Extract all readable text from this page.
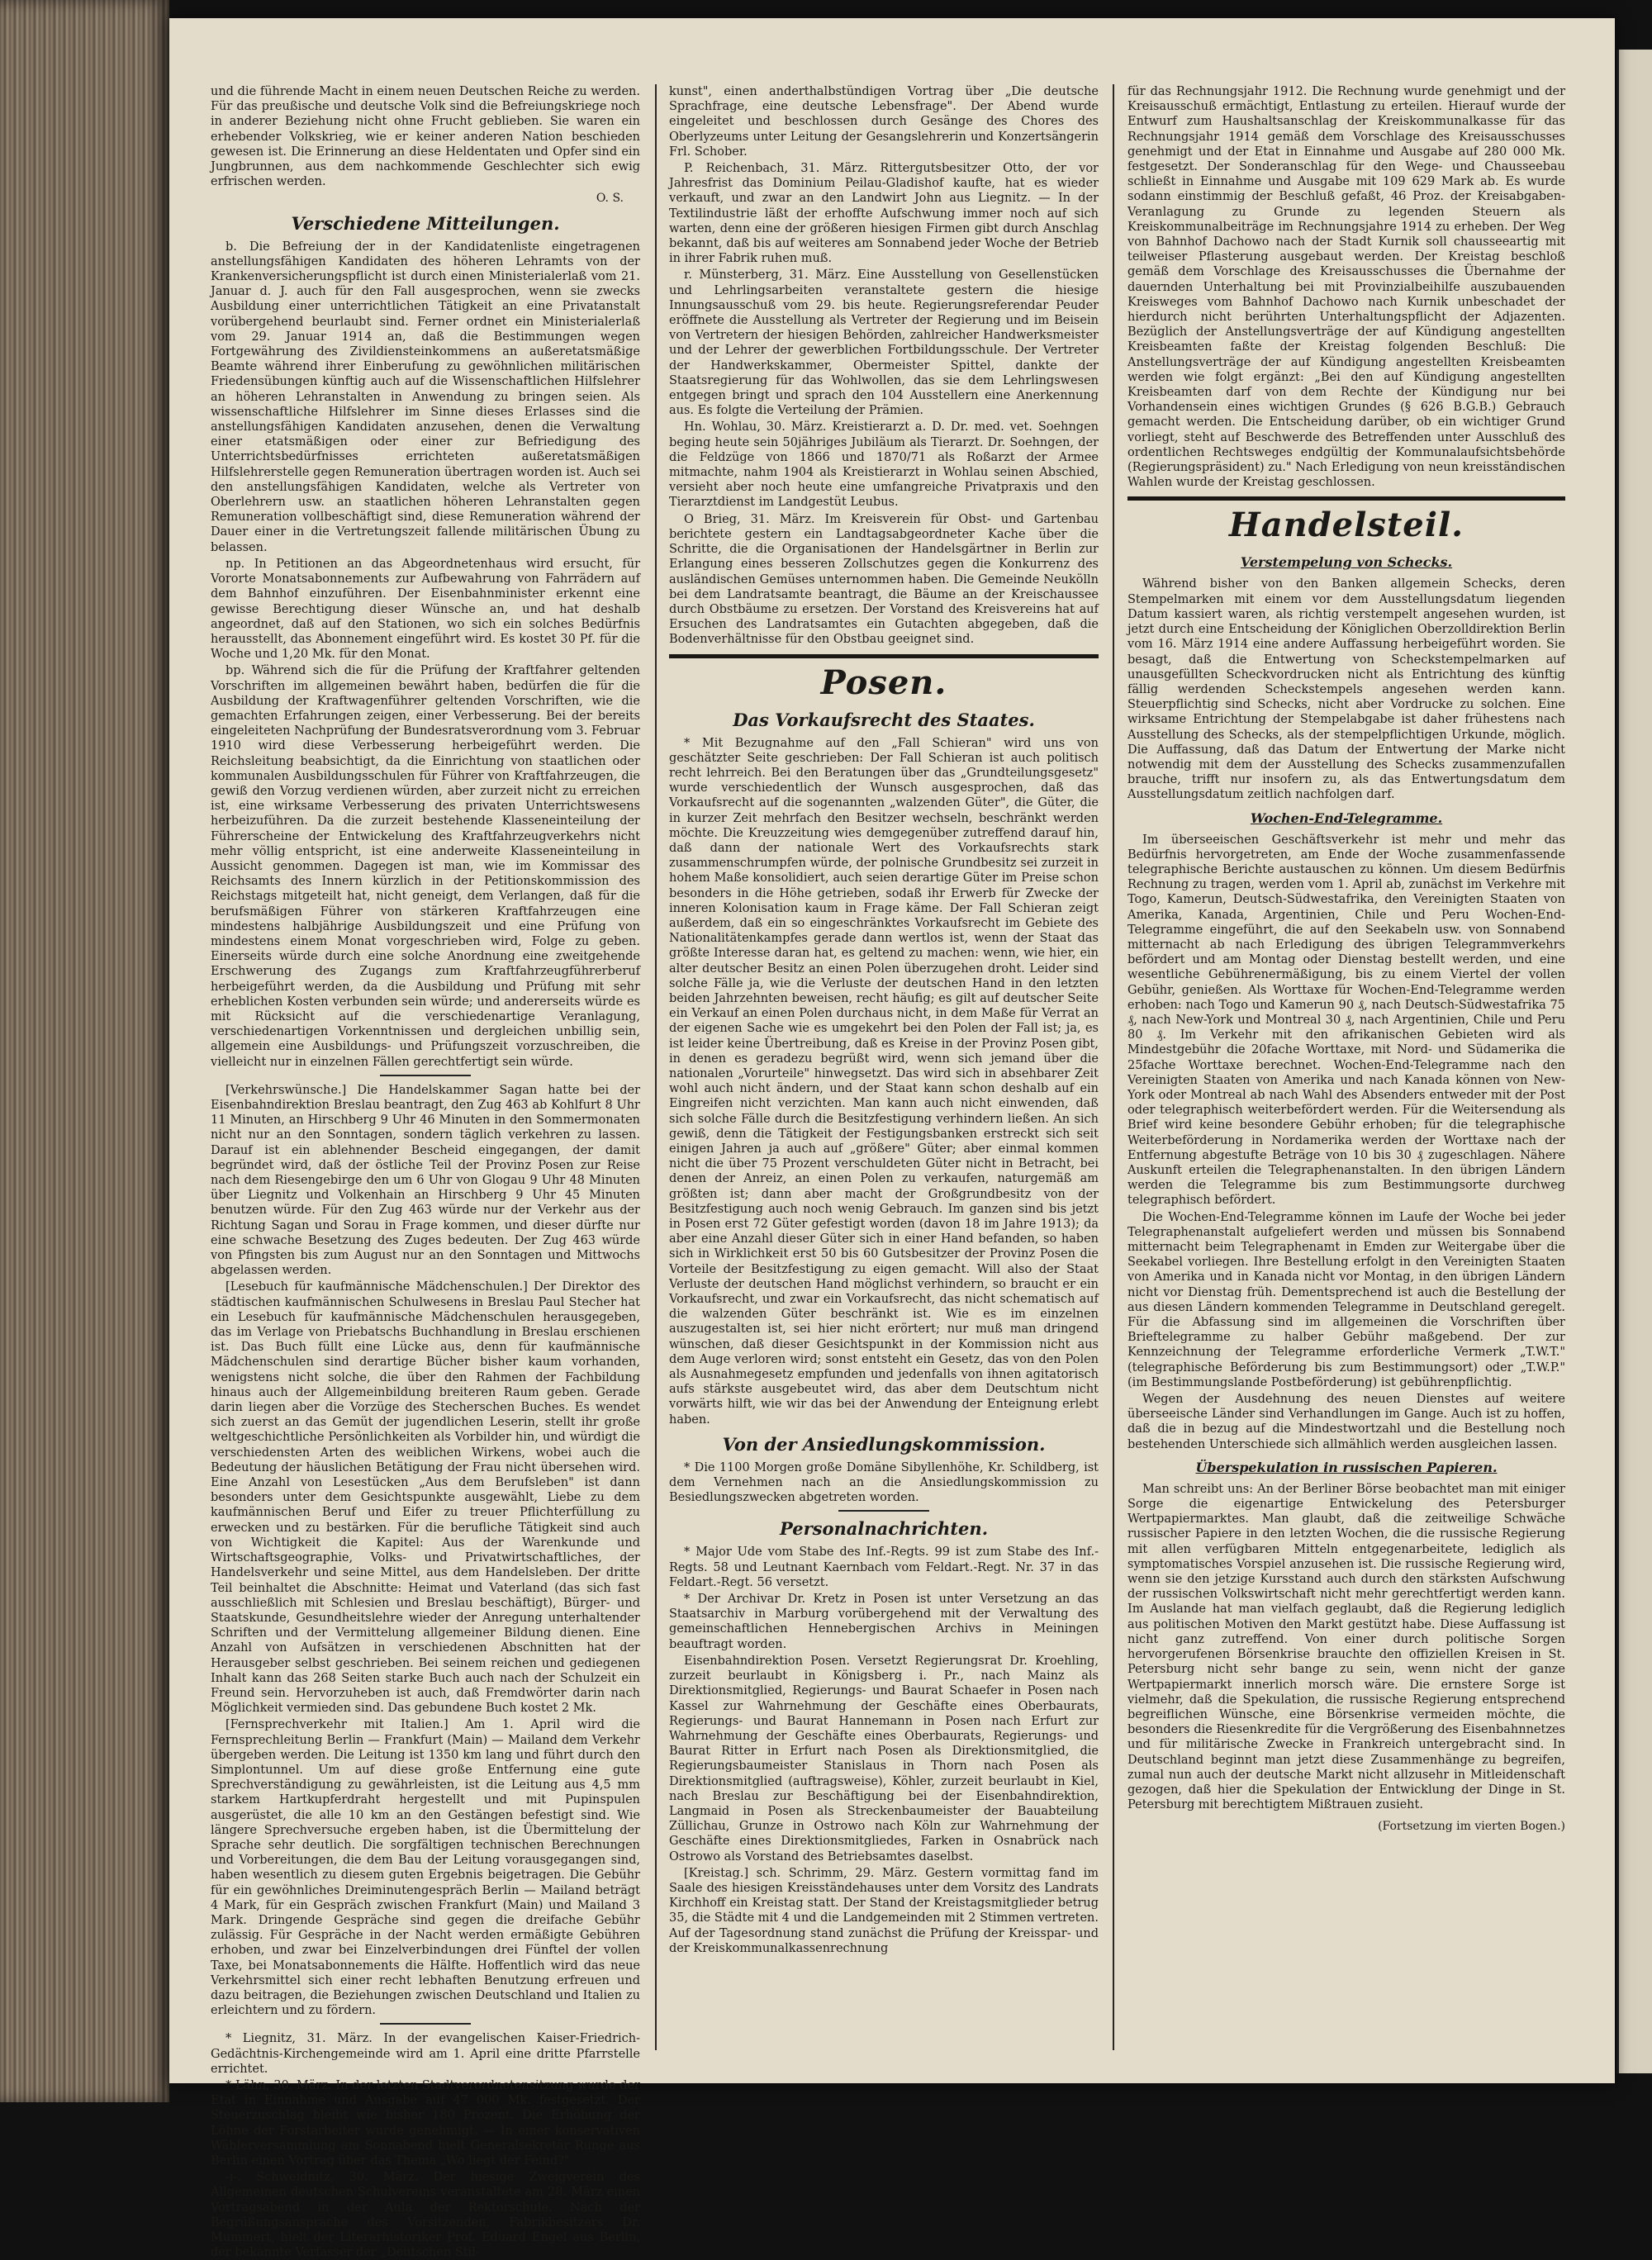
und die führende Macht in einem neuen Deutschen Reiche zu werden. Für das preußische und deutsche Volk sind die Befreiungskriege noch in anderer Beziehung nicht ohne Frucht geblieben. Sie waren ein erhebender Volkskrieg, wie er keiner anderen Nation beschieden gewesen ist. Die Erinnerung an diese Heldentaten und Opfer sind ein Jungbrunnen, aus dem nachkommende Geschlechter sich ewig erfrischen werden.

O. S.
Verschiedene Mitteilungen.

b. Die Befreiung der in der Kandidatenliste eingetragenen anstellungsfähigen Kandidaten des höheren Lehramts von der Krankenversicherungspflicht ist durch einen Ministerialerlaß vom 21. Januar d. J. auch für den Fall ausgesprochen, wenn sie zwecks Ausbildung einer unterrichtlichen Tätigkeit an eine Privatanstalt vorübergehend beurlaubt sind. Ferner ordnet ein Ministerialerlaß vom 29. Januar 1914 an, daß die Bestimmungen wegen Fortgewährung des Zivildiensteinkommens an außeretatsmäßige Beamte während ihrer Einberufung zu gewöhnlichen militärischen Friedensübungen künftig auch auf die Wissenschaftlichen Hilfslehrer an höheren Lehranstalten in Anwendung zu bringen seien. Als wissenschaftliche Hilfslehrer im Sinne dieses Erlasses sind die anstellungsfähigen Kandidaten anzusehen, denen die Verwaltung einer etatsmäßigen oder einer zur Befriedigung des Unterrichtsbedürfnisses errichteten außeretatsmäßigen Hilfslehrerstelle gegen Remuneration übertragen worden ist. Auch sei den anstellungsfähigen Kandidaten, welche als Vertreter von Oberlehrern usw. an staatlichen höheren Lehranstalten gegen Remuneration vollbeschäftigt sind, diese Remuneration während der Dauer einer in die Vertretungszeit fallende militärischen Übung zu belassen.

np. In Petitionen an das Abgeordnetenhaus wird ersucht, für Vororte Monatsabonnements zur Aufbewahrung von Fahrrädern auf dem Bahnhof einzuführen. Der Eisenbahnminister erkennt eine gewisse Berechtigung dieser Wünsche an, und hat deshalb angeordnet, daß auf den Stationen, wo sich ein solches Bedürfnis herausstellt, das Abonnement eingeführt wird. Es kostet 30 Pf. für die Woche und 1,20 Mk. für den Monat.

bp. Während sich die für die Prüfung der Kraftfahrer geltenden Vorschriften im allgemeinen bewährt haben, bedürfen die für die Ausbildung der Kraftwagenführer geltenden Vorschriften, wie die gemachten Erfahrungen zeigen, einer Verbesserung. Bei der bereits eingeleiteten Nachprüfung der Bundesratsverordnung vom 3. Februar 1910 wird diese Verbesserung herbeigeführt werden. Die Reichsleitung beabsichtigt, da die Einrichtung von staatlichen oder kommunalen Ausbildungsschulen für Führer von Kraftfahrzeugen, die gewiß den Vorzug verdienen würden, aber zurzeit nicht zu erreichen ist, eine wirksame Verbesserung des privaten Unterrichtswesens herbeizuführen. Da die zurzeit bestehende Klasseneinteilung der Führerscheine der Entwickelung des Kraftfahrzeugverkehrs nicht mehr völlig entspricht, ist eine anderweite Klasseneinteilung in Aussicht genommen. Dagegen ist man, wie im Kommissar des Reichsamts des Innern kürzlich in der Petitionskommission des Reichstags mitgeteilt hat, nicht geneigt, dem Verlangen, daß für die berufsmäßigen Führer von stärkeren Kraftfahrzeugen eine mindestens halbjährige Ausbildungszeit und eine Prüfung von mindestens einem Monat vorgeschrieben wird, Folge zu geben. Einerseits würde durch eine solche Anordnung eine zweitgehende Erschwerung des Zugangs zum Kraftfahrzeugführerberuf herbeigeführt werden, da die Ausbildung und Prüfung mit sehr erheblichen Kosten verbunden sein würde; und andererseits würde es mit Rücksicht auf die verschiedenartige Veranlagung, verschiedenartigen Vorkenntnissen und dergleichen unbillig sein, allgemein eine Ausbildungs- und Prüfungszeit vorzuschreiben, die vielleicht nur in einzelnen Fällen gerechtfertigt sein würde.

[Verkehrswünsche.] Die Handelskammer Sagan hatte bei der Eisenbahndirektion Breslau beantragt, den Zug 463 ab Kohlfurt 8 Uhr 11 Minuten, an Hirschberg 9 Uhr 46 Minuten in den Sommermonaten nicht nur an den Sonntagen, sondern täglich verkehren zu lassen. Darauf ist ein ablehnender Bescheid eingegangen, der damit begründet wird, daß der östliche Teil der Provinz Posen zur Reise nach dem Riesengebirge den um 6 Uhr von Glogau 9 Uhr 48 Minuten über Liegnitz und Volkenhain an Hirschberg 9 Uhr 45 Minuten benutzen würde. Für den Zug 463 würde nur der Verkehr aus der Richtung Sagan und Sorau in Frage kommen, und dieser dürfte nur eine schwache Besetzung des Zuges bedeuten. Der Zug 463 würde von Pfingsten bis zum August nur an den Sonntagen und Mittwochs abgelassen werden.

[Lesebuch für kaufmännische Mädchenschulen.] Der Direktor des städtischen kaufmännischen Schulwesens in Breslau Paul Stecher hat ein Lesebuch für kaufmännische Mädchenschulen herausgegeben, das im Verlage von Priebatschs Buchhandlung in Breslau erschienen ist. Das Buch füllt eine Lücke aus, denn für kaufmännische Mädchenschulen sind derartige Bücher bisher kaum vorhanden, wenigstens nicht solche, die über den Rahmen der Fachbildung hinaus auch der Allgemeinbildung breiteren Raum geben. Gerade darin liegen aber die Vorzüge des Stecherschen Buches. Es wendet sich zuerst an das Gemüt der jugendlichen Leserin, stellt ihr große weltgeschichtliche Persönlichkeiten als Vorbilder hin, und würdigt die verschiedensten Arten des weiblichen Wirkens, wobei auch die Bedeutung der häuslichen Betätigung der Frau nicht übersehen wird. Eine Anzahl von Lesestücken „Aus dem Berufsleben" ist dann besonders unter dem Gesichtspunkte ausgewählt, Liebe zu dem kaufmännischen Beruf und Eifer zu treuer Pflichterfüllung zu erwecken und zu bestärken. Für die berufliche Tätigkeit sind auch von Wichtigkeit die Kapitel: Aus der Warenkunde und Wirtschaftsgeographie, Volks- und Privatwirtschaftliches, der Handelsverkehr und seine Mittel, aus dem Handelsleben. Der dritte Teil beinhaltet die Abschnitte: Heimat und Vaterland (das sich fast ausschließlich mit Schlesien und Breslau beschäftigt), Bürger- und Staatskunde, Gesundheitslehre wieder der Anregung unterhaltender Schriften und der Vermittelung allgemeiner Bildung dienen. Eine Anzahl von Aufsätzen in verschiedenen Abschnitten hat der Herausgeber selbst geschrieben. Bei seinem reichen und gediegenen Inhalt kann das 268 Seiten starke Buch auch nach der Schulzeit ein Freund sein. Hervorzuheben ist auch, daß Fremdwörter darin nach Möglichkeit vermieden sind. Das gebundene Buch kostet 2 Mk.

[Fernsprechverkehr mit Italien.] Am 1. April wird die Fernsprechleitung Berlin — Frankfurt (Main) — Mailand dem Verkehr übergeben werden. Die Leitung ist 1350 km lang und führt durch den Simplontunnel. Um auf diese große Entfernung eine gute Sprechverständigung zu gewährleisten, ist die Leitung aus 4,5 mm starkem Hartkupferdraht hergestellt und mit Pupinspulen ausgerüstet, die alle 10 km an den Gestängen befestigt sind. Wie längere Sprechversuche ergeben haben, ist die Übermittelung der Sprache sehr deutlich. Die sorgfältigen technischen Berechnungen und Vorbereitungen, die dem Bau der Leitung vorausgegangen sind, haben wesentlich zu diesem guten Ergebnis beigetragen. Die Gebühr für ein gewöhnliches Dreiminutengespräch Berlin — Mailand beträgt 4 Mark, für ein Gespräch zwischen Frankfurt (Main) und Mailand 3 Mark. Dringende Gespräche sind gegen die dreifache Gebühr zulässig. Für Gespräche in der Nacht werden ermäßigte Gebühren erhoben, und zwar bei Einzelverbindungen drei Fünftel der vollen Taxe, bei Monatsabonnements die Hälfte. Hoffentlich wird das neue Verkehrsmittel sich einer recht lebhaften Benutzung erfreuen und dazu beitragen, die Beziehungen zwischen Deutschland und Italien zu erleichtern und zu fördern.

* Liegnitz, 31. März. In der evangelischen Kaiser-Friedrich-Gedächtnis-Kirchengemeinde wird am 1. April eine dritte Pfarrstelle errichtet.

* Lähn, 30. März. In der letzten Stadtverordnetensitzung wurde der Etat in Einnahme und Ausgabe auf 47 000 Mk. festgesetzt. Der Steuerzuschlag bleibt wie bisher 180 Prozent. Die Erhöhung der Löhne der Forstarbeiter wurde genehmigt. — In einer konservativen Wählerversammlung am Sonnabend hielt Generalsekretär Runge aus Berlin einen Vortrag über das Thema „Wo liegt der Feind?"

-i-. Schweidnitz, 30. März. Der hiesige Zweigverein des Allgemeinen deutschen Schulvereins veranstaltete am 28. März einen Vortragsabend in der Aula der Rektorschule. Nach der Begrüßungsansprache des Vorsitzenden, Fabrikbesitzers Dr. Mummert, hielt der Literarhistoriker Prof. Eduard Engel aus Berlin, der bekannte Verfasser der „Deutschen Stil-

kunst", einen anderthalbstündigen Vortrag über „Die deutsche Sprachfrage, eine deutsche Lebensfrage". Der Abend wurde eingeleitet und beschlossen durch Gesänge des Chores des Oberlyzeums unter Leitung der Gesangslehrerin und Konzertsängerin Frl. Schober.

P. Reichenbach, 31. März. Rittergutsbesitzer Otto, der vor Jahresfrist das Dominium Peilau-Gladishof kaufte, hat es wieder verkauft, und zwar an den Landwirt John aus Liegnitz. — In der Textilindustrie läßt der erhoffte Aufschwung immer noch auf sich warten, denn eine der größeren hiesigen Firmen gibt durch Anschlag bekannt, daß bis auf weiteres am Sonnabend jeder Woche der Betrieb in ihrer Fabrik ruhen muß.

r. Münsterberg, 31. März. Eine Ausstellung von Gesellenstücken und Lehrlingsarbeiten veranstaltete gestern die hiesige Innungsausschuß vom 29. bis heute. Regierungsreferendar Peuder eröffnete die Ausstellung als Vertreter der Regierung und im Beisein von Vertretern der hiesigen Behörden, zahlreicher Handwerksmeister und der Lehrer der gewerblichen Fortbildungsschule. Der Vertreter der Handwerkskammer, Obermeister Spittel, dankte der Staatsregierung für das Wohlwollen, das sie dem Lehrlingswesen entgegen bringt und sprach den 104 Ausstellern eine Anerkennung aus. Es folgte die Verteilung der Prämien.

Hn. Wohlau, 30. März. Kreistierarzt a. D. Dr. med. vet. Soehngen beging heute sein 50jähriges Jubiläum als Tierarzt. Dr. Soehngen, der die Feldzüge von 1866 und 1870/71 als Roßarzt der Armee mitmachte, nahm 1904 als Kreistierarzt in Wohlau seinen Abschied, versieht aber noch heute eine umfangreiche Privatpraxis und den Tierarztdienst im Landgestüt Leubus.

O Brieg, 31. März. Im Kreisverein für Obst- und Gartenbau berichtete gestern ein Landtagsabgeordneter Kache über die Schritte, die die Organisationen der Handelsgärtner in Berlin zur Erlangung eines besseren Zollschutzes gegen die Konkurrenz des ausländischen Gemüses unternommen haben. Die Gemeinde Neukölln bei dem Landratsamte beantragt, die Bäume an der Kreischaussee durch Obstbäume zu ersetzen. Der Vorstand des Kreisvereins hat auf Ersuchen des Landratsamtes ein Gutachten abgegeben, daß die Bodenverhältnisse für den Obstbau geeignet sind.

Posen.
Das Vorkaufsrecht des Staates.

* Mit Bezugnahme auf den „Fall Schieran" wird uns von geschätzter Seite geschrieben: Der Fall Schieran ist auch politisch recht lehrreich. Bei den Beratungen über das „Grundteilungsgesetz" wurde verschiedentlich der Wunsch ausgesprochen, daß das Vorkaufsrecht auf die sogenannten „walzenden Güter", die Güter, die in kurzer Zeit mehrfach den Besitzer wechseln, beschränkt werden möchte. Die Kreuzzeitung wies demgegenüber zutreffend darauf hin, daß dann der nationale Wert des Vorkaufsrechts stark zusammenschrumpfen würde, der polnische Grundbesitz sei zurzeit in hohem Maße konsolidiert, auch seien derartige Güter im Preise schon besonders in die Höhe getrieben, sodaß ihr Erwerb für Zwecke der inneren Kolonisation kaum in Frage käme. Der Fall Schieran zeigt außerdem, daß ein so eingeschränktes Vorkaufsrecht im Gebiete des Nationalitätenkampfes gerade dann wertlos ist, wenn der Staat das größte Interesse daran hat, es geltend zu machen: wenn, wie hier, ein alter deutscher Besitz an einen Polen überzugehen droht. Leider sind solche Fälle ja, wie die Verluste der deutschen Hand in den letzten beiden Jahrzehnten beweisen, recht häufig; es gilt auf deutscher Seite ein Verkauf an einen Polen durchaus nicht, in dem Maße für Verrat an der eigenen Sache wie es umgekehrt bei den Polen der Fall ist; ja, es ist leider keine Übertreibung, daß es Kreise in der Provinz Posen gibt, in denen es geradezu begrüßt wird, wenn sich jemand über die nationalen „Vorurteile" hinwegsetzt. Das wird sich in absehbarer Zeit wohl auch nicht ändern, und der Staat kann schon deshalb auf ein Eingreifen nicht verzichten. Man kann auch nicht einwenden, daß sich solche Fälle durch die Besitzfestigung verhindern ließen. An sich gewiß, denn die Tätigkeit der Festigungsbanken erstreckt sich seit einigen Jahren ja auch auf „größere" Güter; aber einmal kommen nicht die über 75 Prozent verschuldeten Güter nicht in Betracht, bei denen der Anreiz, an einen Polen zu verkaufen, naturgemäß am größten ist; dann aber macht der Großgrundbesitz von der Besitzfestigung auch noch wenig Gebrauch. Im ganzen sind bis jetzt in Posen erst 72 Güter gefestigt worden (davon 18 im Jahre 1913); da aber eine Anzahl dieser Güter sich in einer Hand befanden, so haben sich in Wirklichkeit erst 50 bis 60 Gutsbesitzer der Provinz Posen die Vorteile der Besitzfestigung zu eigen gemacht. Will also der Staat Verluste der deutschen Hand möglichst verhindern, so braucht er ein Vorkaufsrecht, und zwar ein Vorkaufsrecht, das nicht schematisch auf die walzenden Güter beschränkt ist. Wie es im einzelnen auszugestalten ist, sei hier nicht erörtert; nur muß man dringend wünschen, daß dieser Gesichtspunkt in der Kommission nicht aus dem Auge verloren wird; sonst entsteht ein Gesetz, das von den Polen als Ausnahmegesetz empfunden und jedenfalls von ihnen agitatorisch aufs stärkste ausgebeutet wird, das aber dem Deutschtum nicht vorwärts hilft, wie wir das bei der Anwendung der Enteignung erlebt haben.

Von der Ansiedlungskommission.

* Die 1100 Morgen große Domäne Sibyllenhöhe, Kr. Schildberg, ist dem Vernehmen nach an die Ansiedlungskommission zu Besiedlungszwecken abgetreten worden.

Personalnachrichten.

* Major Ude vom Stabe des Inf.-Regts. 99 ist zum Stabe des Inf.-Regts. 58 und Leutnant Kaernbach vom Feldart.-Regt. Nr. 37 in das Feldart.-Regt. 56 versetzt.

* Der Archivar Dr. Kretz in Posen ist unter Versetzung an das Staatsarchiv in Marburg vorübergehend mit der Verwaltung des gemeinschaftlichen Hennebergischen Archivs in Meiningen beauftragt worden.

Eisenbahndirektion Posen. Versetzt Regierungsrat Dr. Kroehling, zurzeit beurlaubt in Königsberg i. Pr., nach Mainz als Direktionsmitglied, Regierungs- und Baurat Schaefer in Posen nach Kassel zur Wahrnehmung der Geschäfte eines Oberbaurats, Regierungs- und Baurat Hannemann in Posen nach Erfurt zur Wahrnehmung der Geschäfte eines Oberbaurats, Regierungs- und Baurat Ritter in Erfurt nach Posen als Direktionsmitglied, die Regierungsbaumeister Stanislaus in Thorn nach Posen als Direktionsmitglied (auftragsweise), Köhler, zurzeit beurlaubt in Kiel, nach Breslau zur Beschäftigung bei der Eisenbahndirektion, Langmaid in Posen als Streckenbaumeister der Bauabteilung Züllichau, Grunze in Ostrowo nach Köln zur Wahrnehmung der Geschäfte eines Direktionsmitgliedes, Farken in Osnabrück nach Ostrowo als Vorstand des Betriebsamtes daselbst.

[Kreistag.] sch. Schrimm, 29. März. Gestern vormittag fand im Saale des hiesigen Kreisständehauses unter dem Vorsitz des Landrats Kirchhoff ein Kreistag statt. Der Stand der Kreistagsmitglieder betrug 35, die Städte mit 4 und die Landgemeinden mit 2 Stimmen vertreten. Auf der Tagesordnung stand zunächst die Prüfung der Kreisspar- und der Kreiskommunalkassenrechnung

für das Rechnungsjahr 1912. Die Rechnung wurde genehmigt und der Kreisausschuß ermächtigt, Entlastung zu erteilen. Hierauf wurde der Entwurf zum Haushaltsanschlag der Kreiskommunalkasse für das Rechnungsjahr 1914 gemäß dem Vorschlage des Kreisausschusses genehmigt und der Etat in Einnahme und Ausgabe auf 280 000 Mk. festgesetzt. Der Sonderanschlag für den Wege- und Chausseebau schließt in Einnahme und Ausgabe mit 109 629 Mark ab. Es wurde sodann einstimmig der Beschluß gefaßt, 46 Proz. der Kreisabgaben-Veranlagung zu Grunde zu legenden Steuern als Kreiskommunalbeiträge im Rechnungsjahre 1914 zu erheben. Der Weg von Bahnhof Dachowo nach der Stadt Kurnik soll chausseeartig mit teilweiser Pflasterung ausgebaut werden. Der Kreistag beschloß gemäß dem Vorschlage des Kreisausschusses die Übernahme der dauernden Unterhaltung bei mit Provinzialbeihilfe auszubauenden Kreisweges vom Bahnhof Dachowo nach Kurnik unbeschadet der hierdurch nicht berührten Unterhaltungspflicht der Adjazenten. Bezüglich der Anstellungsverträge der auf Kündigung angestellten Kreisbeamten faßte der Kreistag folgenden Beschluß: Die Anstellungsverträge der auf Kündigung angestellten Kreisbeamten werden wie folgt ergänzt: „Bei den auf Kündigung angestellten Kreisbeamten darf von dem Rechte der Kündigung nur bei Vorhandensein eines wichtigen Grundes (§ 626 B.G.B.) Gebrauch gemacht werden. Die Entscheidung darüber, ob ein wichtiger Grund vorliegt, steht auf Beschwerde des Betreffenden unter Ausschluß des ordentlichen Rechtsweges endgültig der Kommunalaufsichtsbehörde (Regierungspräsident) zu." Nach Erledigung von neun kreisständischen Wahlen wurde der Kreistag geschlossen.

Handelsteil.
Verstempelung von Schecks.

Während bisher von den Banken allgemein Schecks, deren Stempelmarken mit einem vor dem Ausstellungsdatum liegenden Datum kassiert waren, als richtig verstempelt angesehen wurden, ist jetzt durch eine Entscheidung der Königlichen Oberzolldirektion Berlin vom 16. März 1914 eine andere Auffassung herbeigeführt worden. Sie besagt, daß die Entwertung von Scheckstempelmarken auf unausgefüllten Scheckvordrucken nicht als Entrichtung des künftig fällig werdenden Scheckstempels angesehen werden kann. Steuerpflichtig sind Schecks, nicht aber Vordrucke zu solchen. Eine wirksame Entrichtung der Stempelabgabe ist daher frühestens nach Ausstellung des Schecks, als der stempelpflichtigen Urkunde, möglich. Die Auffassung, daß das Datum der Entwertung der Marke nicht notwendig mit dem der Ausstellung des Schecks zusammenzufallen brauche, trifft nur insofern zu, als das Entwertungsdatum dem Ausstellungsdatum zeitlich nachfolgen darf.

Wochen-End-Telegramme.

Im überseeischen Geschäftsverkehr ist mehr und mehr das Bedürfnis hervorgetreten, am Ende der Woche zusammenfassende telegraphische Berichte austauschen zu können. Um diesem Bedürfnis Rechnung zu tragen, werden vom 1. April ab, zunächst im Verkehre mit Togo, Kamerun, Deutsch-Südwestafrika, den Vereinigten Staaten von Amerika, Kanada, Argentinien, Chile und Peru Wochen-End-Telegramme eingeführt, die auf den Seekabeln usw. von Sonnabend mitternacht ab nach Erledigung des übrigen Telegrammverkehrs befördert und am Montag oder Dienstag bestellt werden, und eine wesentliche Gebührenermäßigung, bis zu einem Viertel der vollen Gebühr, genießen. Als Worttaxe für Wochen-End-Telegramme werden erhoben: nach Togo und Kamerun 90 ₰, nach Deutsch-Südwestafrika 75 ₰, nach New-York und Montreal 30 ₰, nach Argentinien, Chile und Peru 80 ₰. Im Verkehr mit den afrikanischen Gebieten wird als Mindestgebühr die 20fache Worttaxe, mit Nord- und Südamerika die 25fache Worttaxe berechnet. Wochen-End-Telegramme nach den Vereinigten Staaten von Amerika und nach Kanada können von New-York oder Montreal ab nach Wahl des Absenders entweder mit der Post oder telegraphisch weiterbefördert werden. Für die Weitersendung als Brief wird keine besondere Gebühr erhoben; für die telegraphische Weiterbeförderung in Nordamerika werden der Worttaxe nach der Entfernung abgestufte Beträge von 10 bis 30 ₰ zugeschlagen. Nähere Auskunft erteilen die Telegraphenanstalten. In den übrigen Ländern werden die Telegramme bis zum Bestimmungsorte durchweg telegraphisch befördert.

Die Wochen-End-Telegramme können im Laufe der Woche bei jeder Telegraphenanstalt aufgeliefert werden und müssen bis Sonnabend mitternacht beim Telegraphenamt in Emden zur Weitergabe über die Seekabel vorliegen. Ihre Bestellung erfolgt in den Vereinigten Staaten von Amerika und in Kanada nicht vor Montag, in den übrigen Ländern nicht vor Dienstag früh. Dementsprechend ist auch die Bestellung der aus diesen Ländern kommenden Telegramme in Deutschland geregelt. Für die Abfassung sind im allgemeinen die Vorschriften über Brieftelegramme zu halber Gebühr maßgebend. Der zur Kennzeichnung der Telegramme erforderliche Vermerk „T.W.T." (telegraphische Beförderung bis zum Bestimmungsort) oder „T.W.P." (im Bestimmungslande Postbeförderung) ist gebührenpflichtig.

Wegen der Ausdehnung des neuen Dienstes auf weitere überseeische Länder sind Verhandlungen im Gange. Auch ist zu hoffen, daß die in bezug auf die Mindestwortzahl und die Bestellung noch bestehenden Unterschiede sich allmählich werden ausgleichen lassen.

Überspekulation in russischen Papieren.

Man schreibt uns: An der Berliner Börse beobachtet man mit einiger Sorge die eigenartige Entwickelung des Petersburger Wertpapiermarktes. Man glaubt, daß die zeitweilige Schwäche russischer Papiere in den letzten Wochen, die die russische Regierung mit allen verfügbaren Mitteln entgegenarbeitete, lediglich als symptomatisches Vorspiel anzusehen ist. Die russische Regierung wird, wenn sie den jetzige Kursstand auch durch den stärksten Aufschwung der russischen Volkswirtschaft nicht mehr gerechtfertigt werden kann. Im Auslande hat man vielfach geglaubt, daß die Regierung lediglich aus politischen Motiven den Markt gestützt habe. Diese Auffassung ist nicht ganz zutreffend. Von einer durch politische Sorgen hervorgerufenen Börsenkrise brauchte den offiziellen Kreisen in St. Petersburg nicht sehr bange zu sein, wenn nicht der ganze Wertpapiermarkt innerlich morsch wäre. Die ernstere Sorge ist vielmehr, daß die Spekulation, die russische Regierung entsprechend begreiflichen Wünsche, eine Börsenkrise vermeiden möchte, die besonders die Riesenkredite für die Vergrößerung des Eisenbahnnetzes und für militärische Zwecke in Frankreich untergebracht sind. In Deutschland beginnt man jetzt diese Zusammenhänge zu begreifen, zumal nun auch der deutsche Markt nicht allzusehr in Mitleidenschaft gezogen, daß hier die Spekulation der Entwicklung der Dinge in St. Petersburg mit berechtigtem Mißtrauen zusieht.

(Fortsetzung im vierten Bogen.)
